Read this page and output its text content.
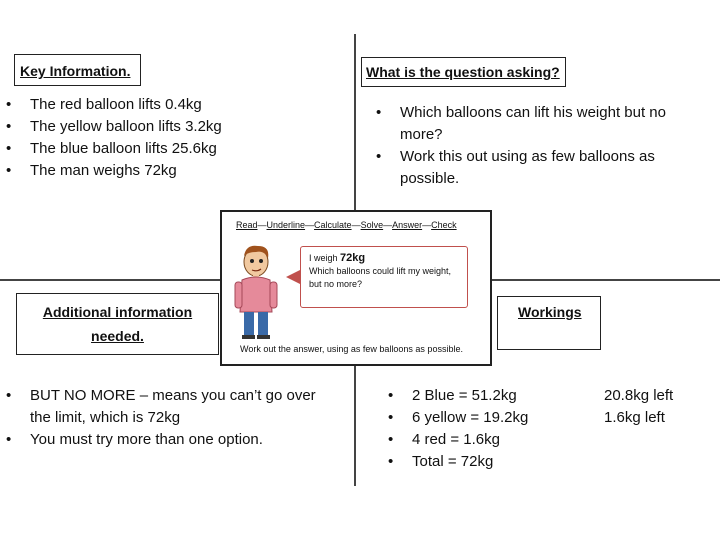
Key Information.
• The red balloon lifts 0.4kg
• The yellow balloon lifts 3.2kg
• The blue balloon lifts 25.6kg
• The man weighs 72kg
What is the question asking?
• Which balloons can lift his weight but no more?
• Work this out using as few balloons as possible.
Additional information
needed.
• BUT NO MORE – means you can’t go over the limit, which is 72kg
• You must try more than one option.
Workings
• 2 Blue = 51.2kg
• 6 yellow = 19.2kg
• 4 red = 1.6kg
• Total = 72kg
20.8kg left
1.6kg left
Read—Underline—Calculate—Solve—Answer—Check
I weigh 72kg
Which balloons could lift my weight,
but no more?
Work out the answer, using as few balloons as possible.
